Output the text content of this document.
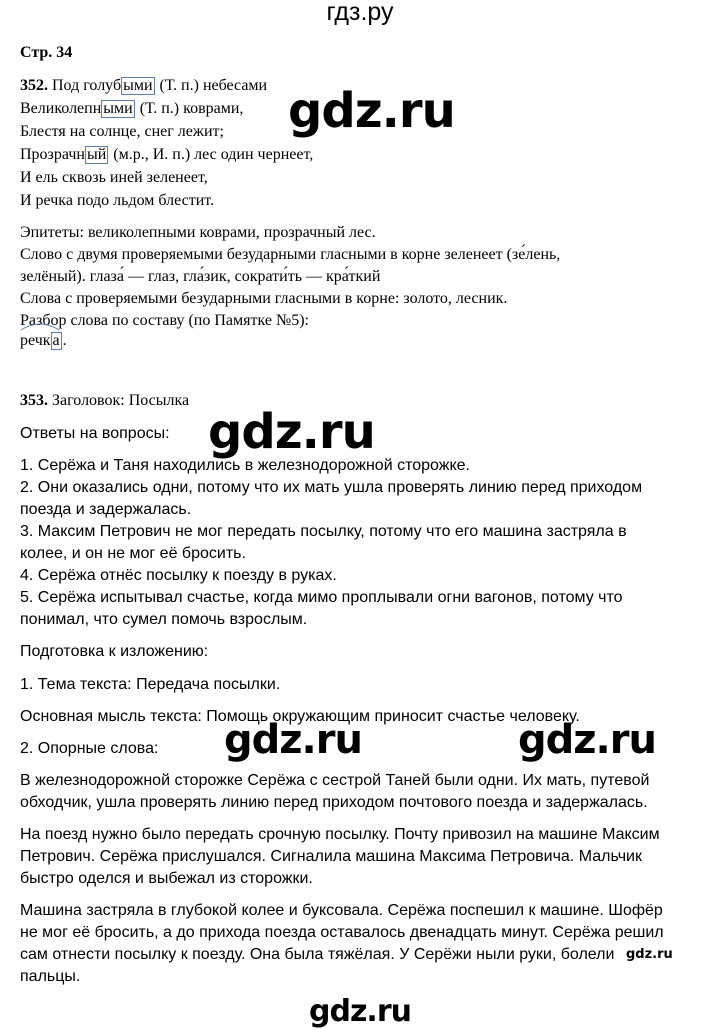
гдз.ру
Стр. 34
352. Под голуб ыми (Т. п.) небесами
Великолепн ыми (Т. п.) коврами,
Блестя на солнце, снег лежит;
Прозрачн ый (м.р., И. п.) лес один чернеет,
И ель сквозь иней зеленеет,
И речка подо льдом блестит.
gdz.ru
Эпитеты: великолепными коврами, прозрачный лес.
Слово с двумя проверяемыми безударными гласными в корне зеленеет (зе́лень,
зелёный). глаза́ — глаз, гла́зик, сократи́ть — кра́ткий
Слова с проверяемыми безударными гласными в корне: золото, лесник.
Разбор слова по составу (по Памятке №5):
речк а .
353. Заголовок: Посылка
Ответы на вопросы: gdz.ru
1. Серёжа и Таня находились в железнодорожной сторожке.
2. Они оказались одни, потому что их мать ушла проверять линию перед приходом
поезда и задержалась.
3. Максим Петрович не мог передать посылку, потому что его машина застряла в
колее, и он не мог её бросить.
4. Серёжа отнёс посылку к поезду в руках.
5. Серёжа испытывал счастье, когда мимо проплывали огни вагонов, потому что
понимал, что сумел помочь взрослым.
Подготовка к изложению:
1. Тема текста: Передача посылки.
Основная мысль текста: Помощь окружающим приносит счастье человеку.
2. Опорные слова: gdz.ru	gdz.ru
В железнодорожной сторожке Серёжа с сестрой Таней были одни. Их мать, путевой
обходчик, ушла проверять линию перед приходом почтового поезда и задержалась.
На поезд нужно было передать срочную посылку. Почту привозил на машине Максим
Петрович. Серёжа прислушался. Сигналила машина Максима Петровича. Мальчик
быстро оделся и выбежал из сторожки.
Машина застряла в глубокой колее и буксовала. Серёжа поспешил к машине. Шофёр
не мог её бросить, а до прихода поезда оставалось двенадцать минут. Серёжа решил
сам отнести посылку к поезду. Она была тяжёлая. У Серёжи ныли руки, болели
пальцы.
gdz.ru
gdz.ru
